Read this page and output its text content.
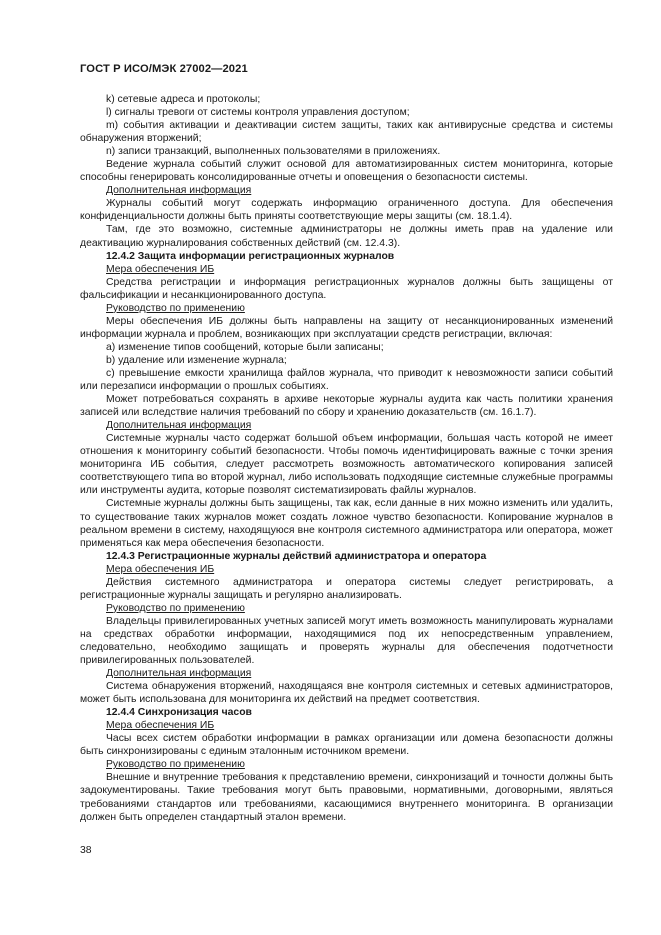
ГОСТ Р ИСО/МЭК 27002—2021

k) сетевые адреса и протоколы;

l) сигналы тревоги от системы контроля управления доступом;

m) события активации и деактивации систем защиты, таких как антивирусные средства и системы обнаружения вторжений;

n) записи транзакций, выполненных пользователями в приложениях.

Ведение журнала событий служит основой для автоматизированных систем мониторинга, которые способны генерировать консолидированные отчеты и оповещения о безопасности системы.

Дополнительная информация

Журналы событий могут содержать информацию ограниченного доступа. Для обеспечения конфиденциальности должны быть приняты соответствующие меры защиты (см. 18.1.4).

Там, где это возможно, системные администраторы не должны иметь прав на удаление или деактивацию журналирования собственных действий (см. 12.4.3).

12.4.2 Защита информации регистрационных журналов

Мера обеспечения ИБ

Средства регистрации и информация регистрационных журналов должны быть защищены от фальсификации и несанкционированного доступа.

Руководство по применению

Меры обеспечения ИБ должны быть направлены на защиту от несанкционированных изменений информации журнала и проблем, возникающих при эксплуатации средств регистрации, включая:

a) изменение типов сообщений, которые были записаны;

b) удаление или изменение журнала;

c) превышение емкости хранилища файлов журнала, что приводит к невозможности записи событий или перезаписи информации о прошлых событиях.

Может потребоваться сохранять в архиве некоторые журналы аудита как часть политики хранения записей или вследствие наличия требований по сбору и хранению доказательств (см. 16.1.7).

Дополнительная информация

Системные журналы часто содержат большой объем информации, большая часть которой не имеет отношения к мониторингу событий безопасности. Чтобы помочь идентифицировать важные с точки зрения мониторинга ИБ события, следует рассмотреть возможность автоматического копирования записей соответствующего типа во второй журнал, либо использовать подходящие системные служебные программы или инструменты аудита, которые позволят систематизировать файлы журналов.

Системные журналы должны быть защищены, так как, если данные в них можно изменить или удалить, то существование таких журналов может создать ложное чувство безопасности. Копирование журналов в реальном времени в систему, находящуюся вне контроля системного администратора или оператора, может применяться как мера обеспечения безопасности.

12.4.3 Регистрационные журналы действий администратора и оператора

Мера обеспечения ИБ

Действия системного администратора и оператора системы следует регистрировать, а регистрационные журналы защищать и регулярно анализировать.

Руководство по применению

Владельцы привилегированных учетных записей могут иметь возможность манипулировать журналами на средствах обработки информации, находящимися под их непосредственным управлением, следовательно, необходимо защищать и проверять журналы для обеспечения подотчетности привилегированных пользователей.

Дополнительная информация

Система обнаружения вторжений, находящаяся вне контроля системных и сетевых администраторов, может быть использована для мониторинга их действий на предмет соответствия.

12.4.4 Синхронизация часов

Мера обеспечения ИБ

Часы всех систем обработки информации в рамках организации или домена безопасности должны быть синхронизированы с единым эталонным источником времени.

Руководство по применению

Внешние и внутренние требования к представлению времени, синхронизаций и точности должны быть задокументированы. Такие требования могут быть правовыми, нормативными, договорными, являться требованиями стандартов или требованиями, касающимися внутреннего мониторинга. В организации должен быть определен стандартный эталон времени.

38
